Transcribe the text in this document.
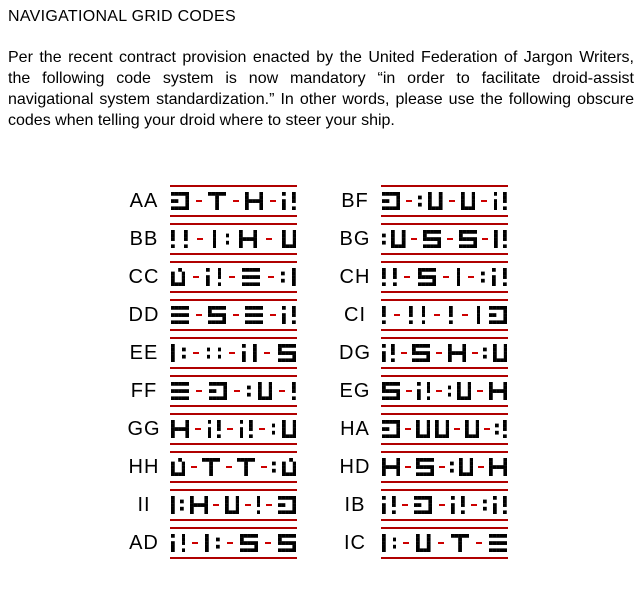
NAVIGATIONAL GRID CODES
Per the recent contract provision enacted by the United Federation of Jargon Writers, the following code system is now mandatory “in order to facilitate droid-assist navigational system standardization.” In other words, please use the following obscure codes when telling your droid where to steer your ship.
AA
BB
CC
DD
EE
FF
GG
HH
II
AD
BF
BG
CH
CI
DG
EG
HA
HD
IB
IC
